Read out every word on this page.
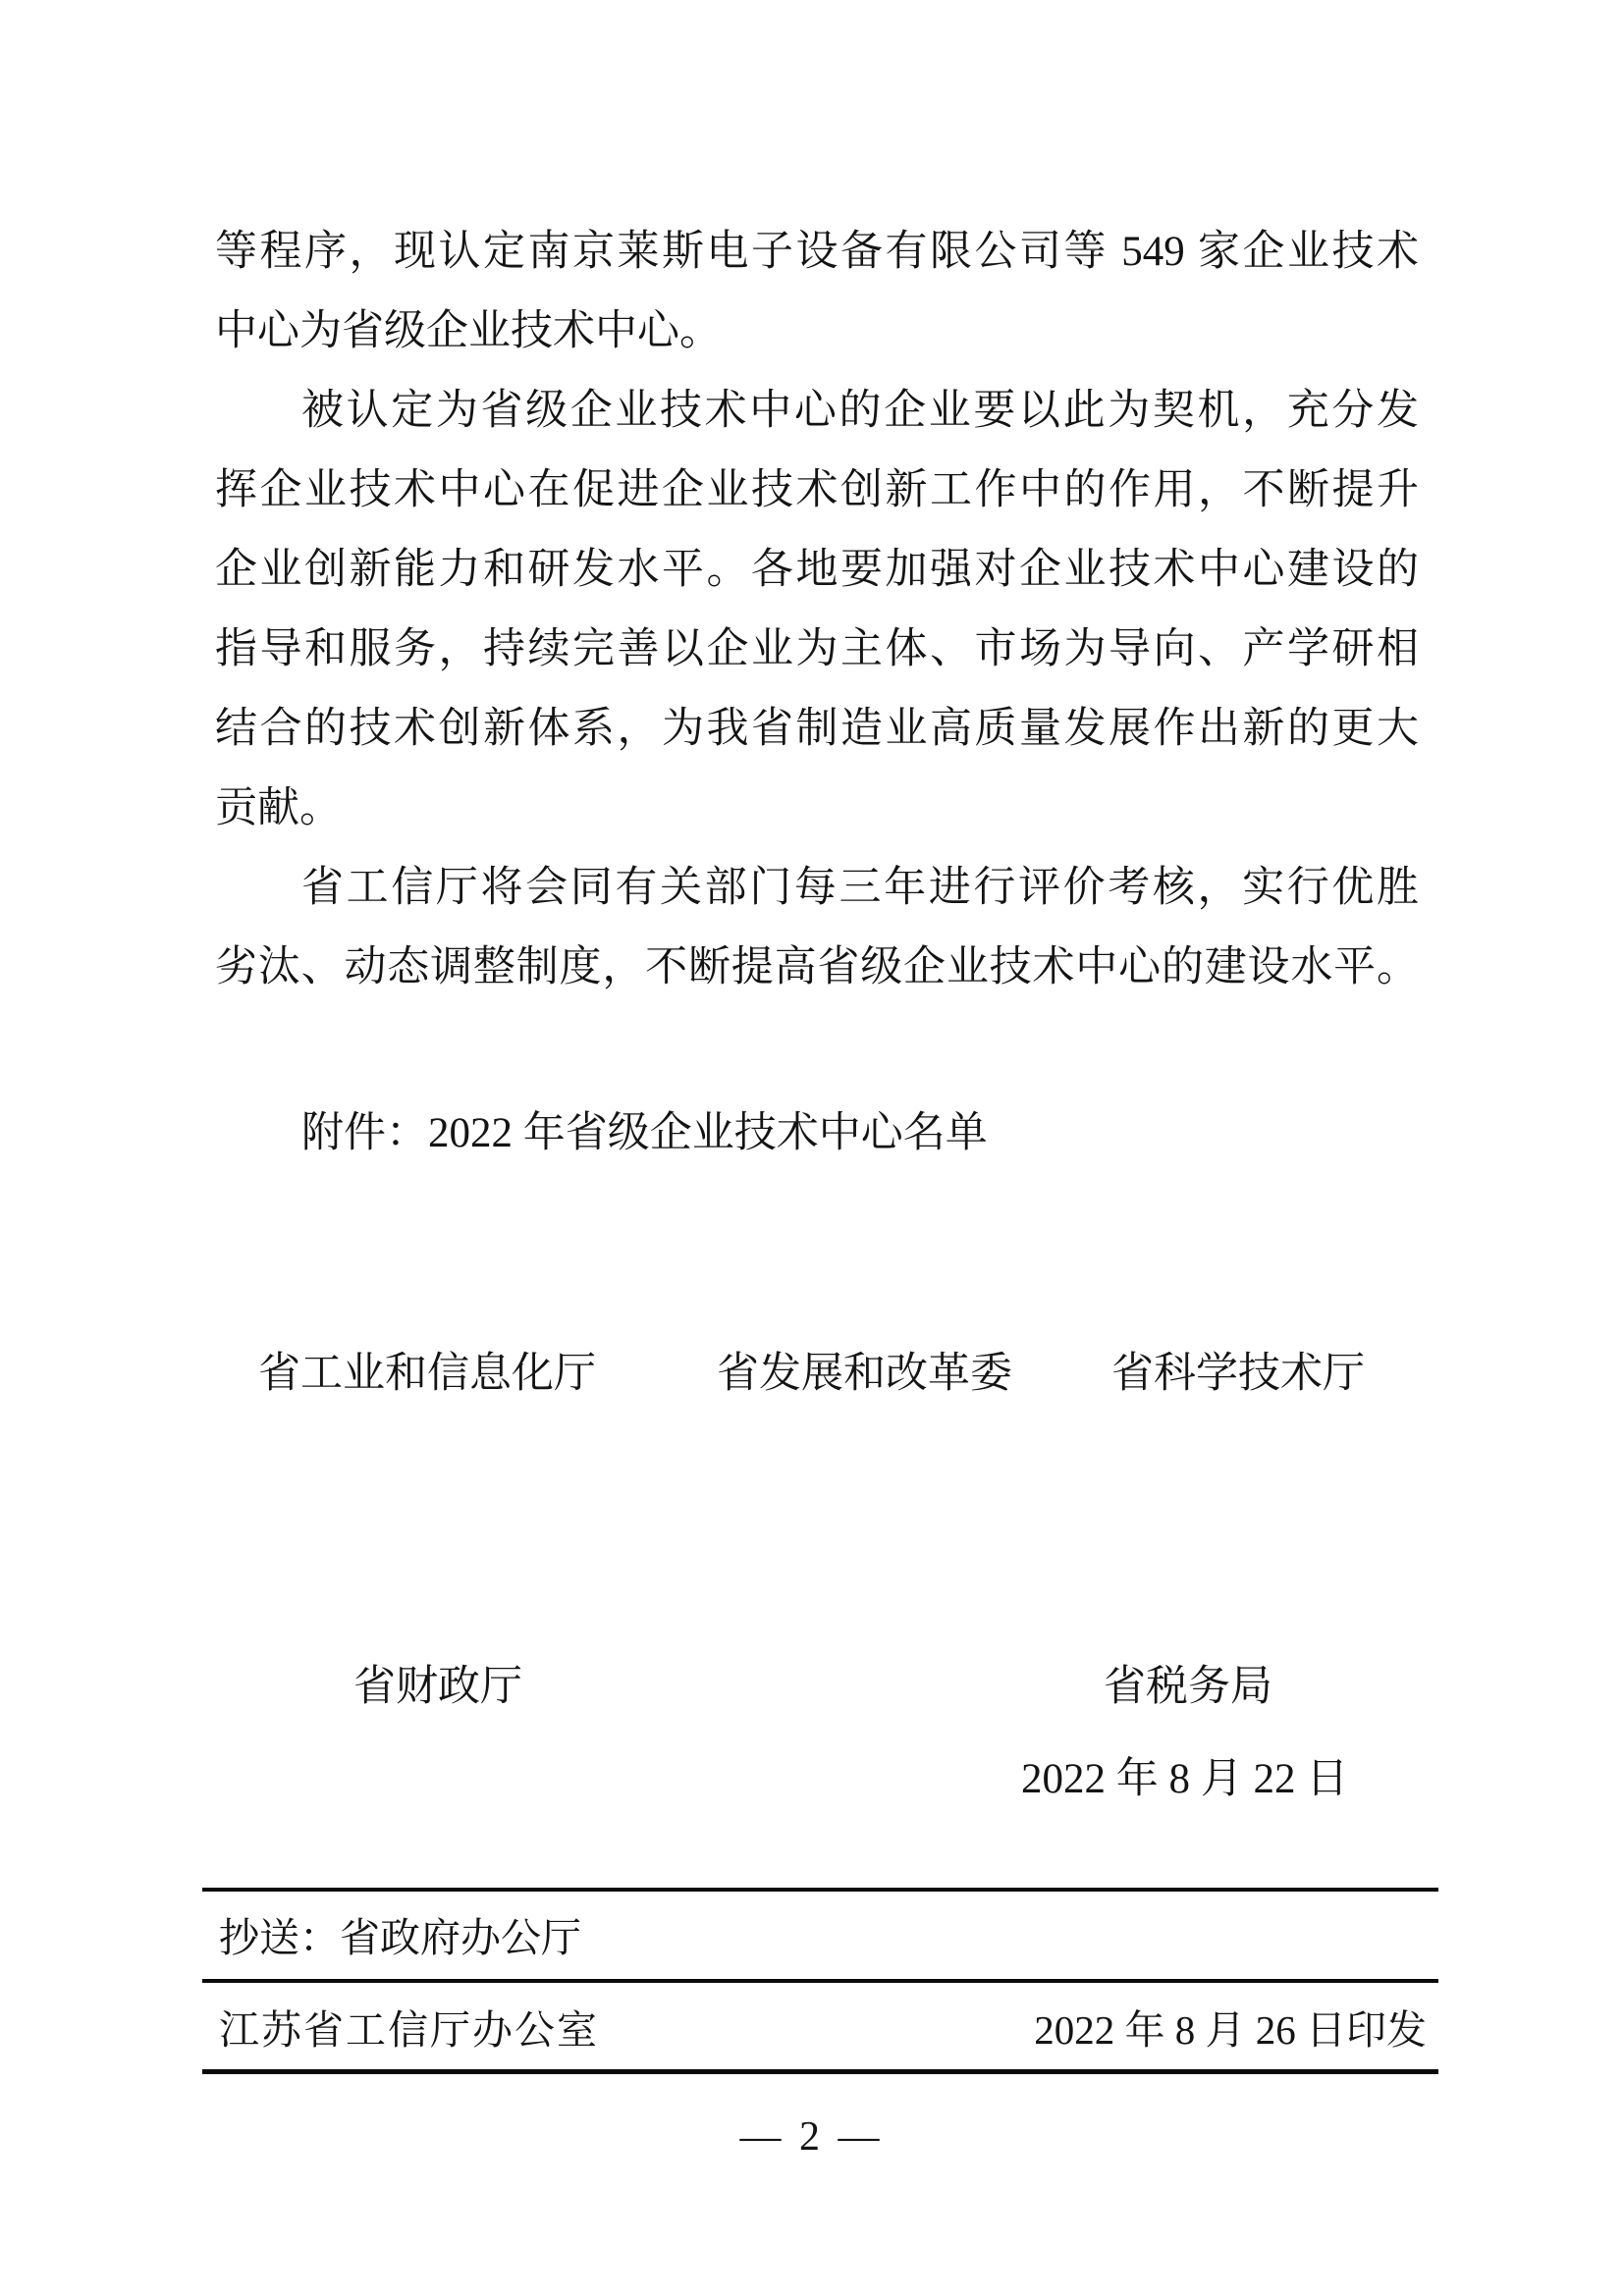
等程序，现认定南京莱斯电子设备有限公司等 549 家企业技术
中心为省级企业技术中心。
被认定为省级企业技术中心的企业要以此为契机，充分发
挥企业技术中心在促进企业技术创新工作中的作用，不断提升
企业创新能力和研发水平。各地要加强对企业技术中心建设的
指导和服务，持续完善以企业为主体、市场为导向、产学研相
结合的技术创新体系，为我省制造业高质量发展作出新的更大
贡献。
省工信厅将会同有关部门每三年进行评价考核，实行优胜
劣汰、动态调整制度，不断提高省级企业技术中心的建设水平。
附件：2022 年省级企业技术中心名单
省工业和信息化厅	省发展和改革委 省科学技术厅
省财政厅	省税务局
2022 年 8 月 22 日
抄送：省政府办公厅
江苏省工信厅办公室	2022 年 8 月 26 日印发
— 2 —
